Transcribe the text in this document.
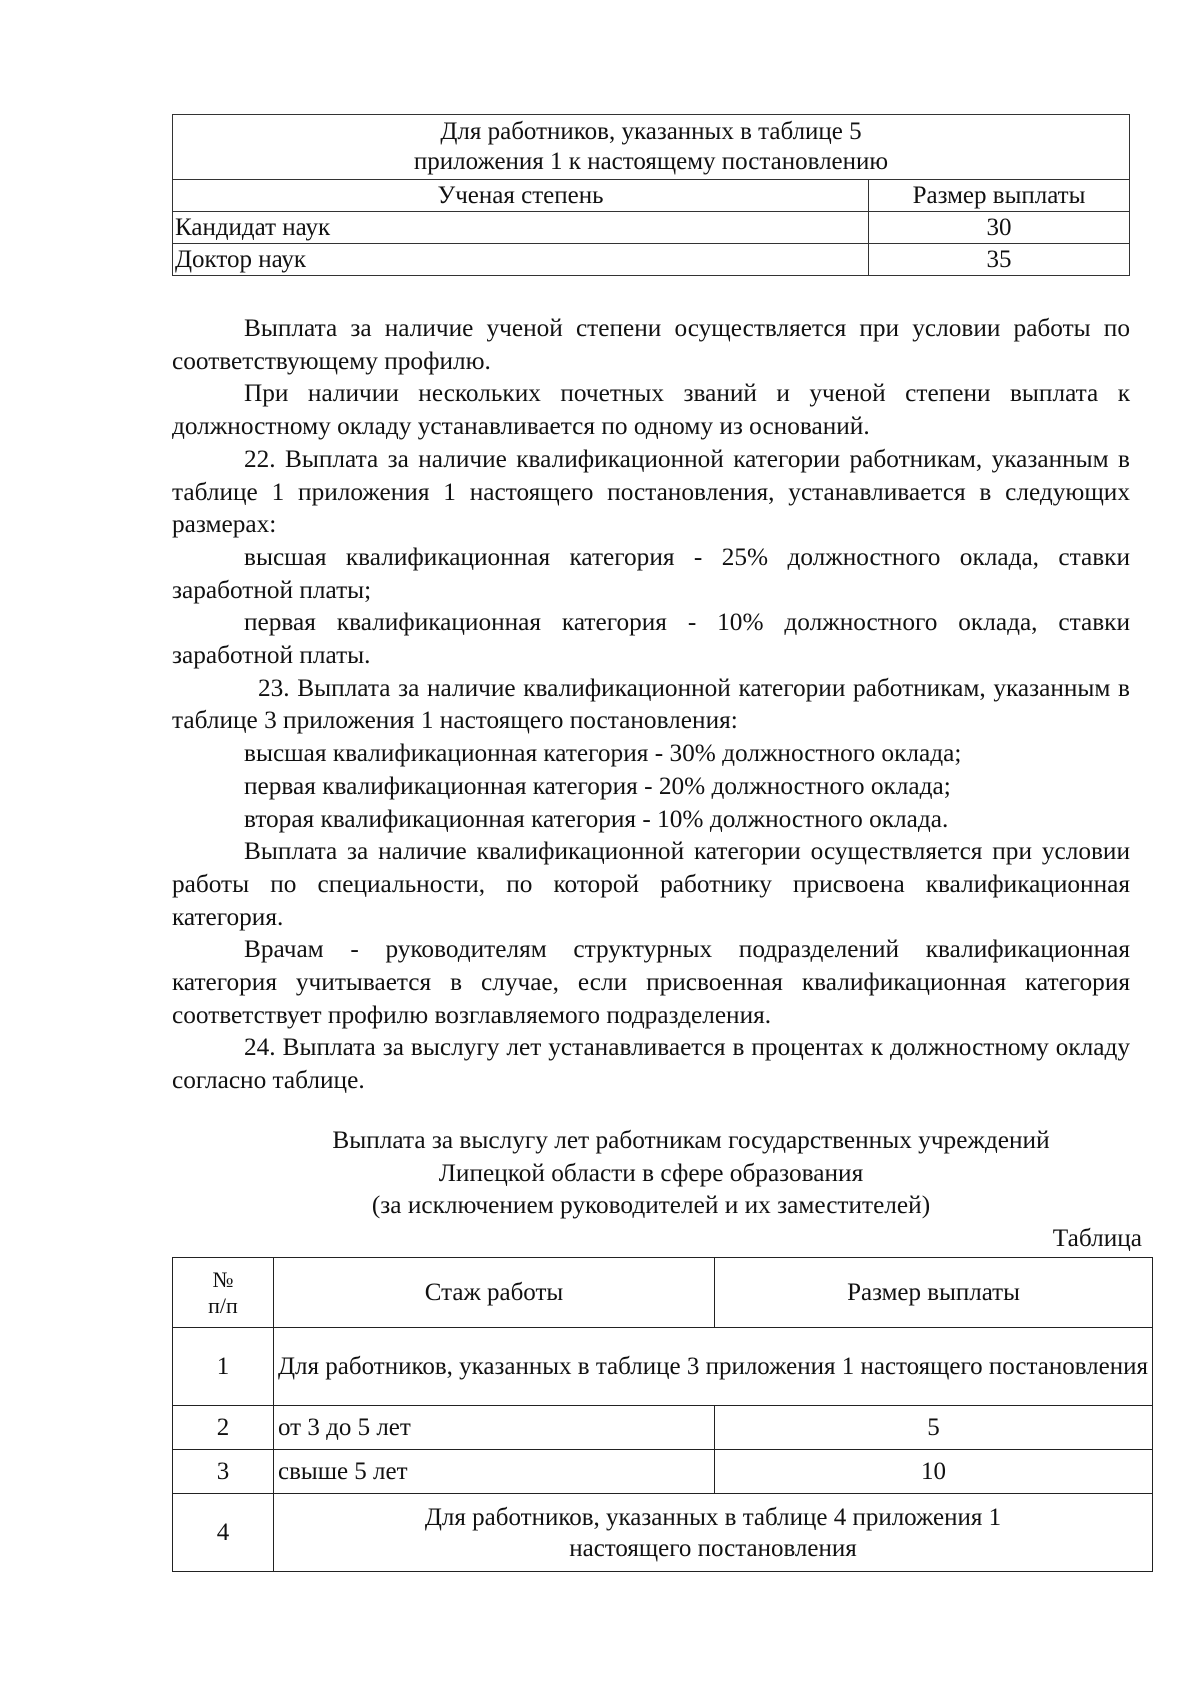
Для работников, указанных в таблице 5
приложения 1 к настоящему постановлению	

Ученая степень	Размер выплаты
Кандидат наук	30
Доктор наук	35

Выплата за наличие ученой степени осуществляется при условии работы по соответствующему профилю.

При наличии нескольких почетных званий и ученой степени выплата к должностному окладу устанавливается по одному из оснований.

22. Выплата за наличие квалификационной категории работникам, указанным в таблице 1 приложения 1 настоящего постановления, устанавливается в следующих размерах:

высшая квалификационная категория - 25% должностного оклада, ставки заработной платы;

первая квалификационная категория - 10% должностного оклада, ставки заработной платы.

23. Выплата за наличие квалификационной категории работникам, указанным в таблице 3 приложения 1 настоящего постановления:

высшая квалификационная категория - 30% должностного оклада;

первая квалификационная категория - 20% должностного оклада;

вторая квалификационная категория - 10% должностного оклада.

Выплата за наличие квалификационной категории осуществляется при условии работы по специальности, по которой работнику присвоена квалификационная категория.

Врачам - руководителям структурных подразделений квалификационная категория учитывается в случае, если присвоенная квалификационная категория соответствует профилю возглавляемого подразделения.

24. Выплата за выслугу лет устанавливается в процентах к должностному окладу согласно таблице.

Выплата за выслугу лет работникам государственных учреждений
Липецкой области в сфере образования
(за исключением руководителей и их заместителей)
Таблица
№
п/п	Стаж работы	Размер выплаты
1	Для работников, указанных в таблице 3 приложения 1 настоящего постановления	
2	от 3 до 5 лет	5
3	свыше 5 лет	10
4	Для работников, указанных в таблице 4 приложения 1
настоящего постановления	
